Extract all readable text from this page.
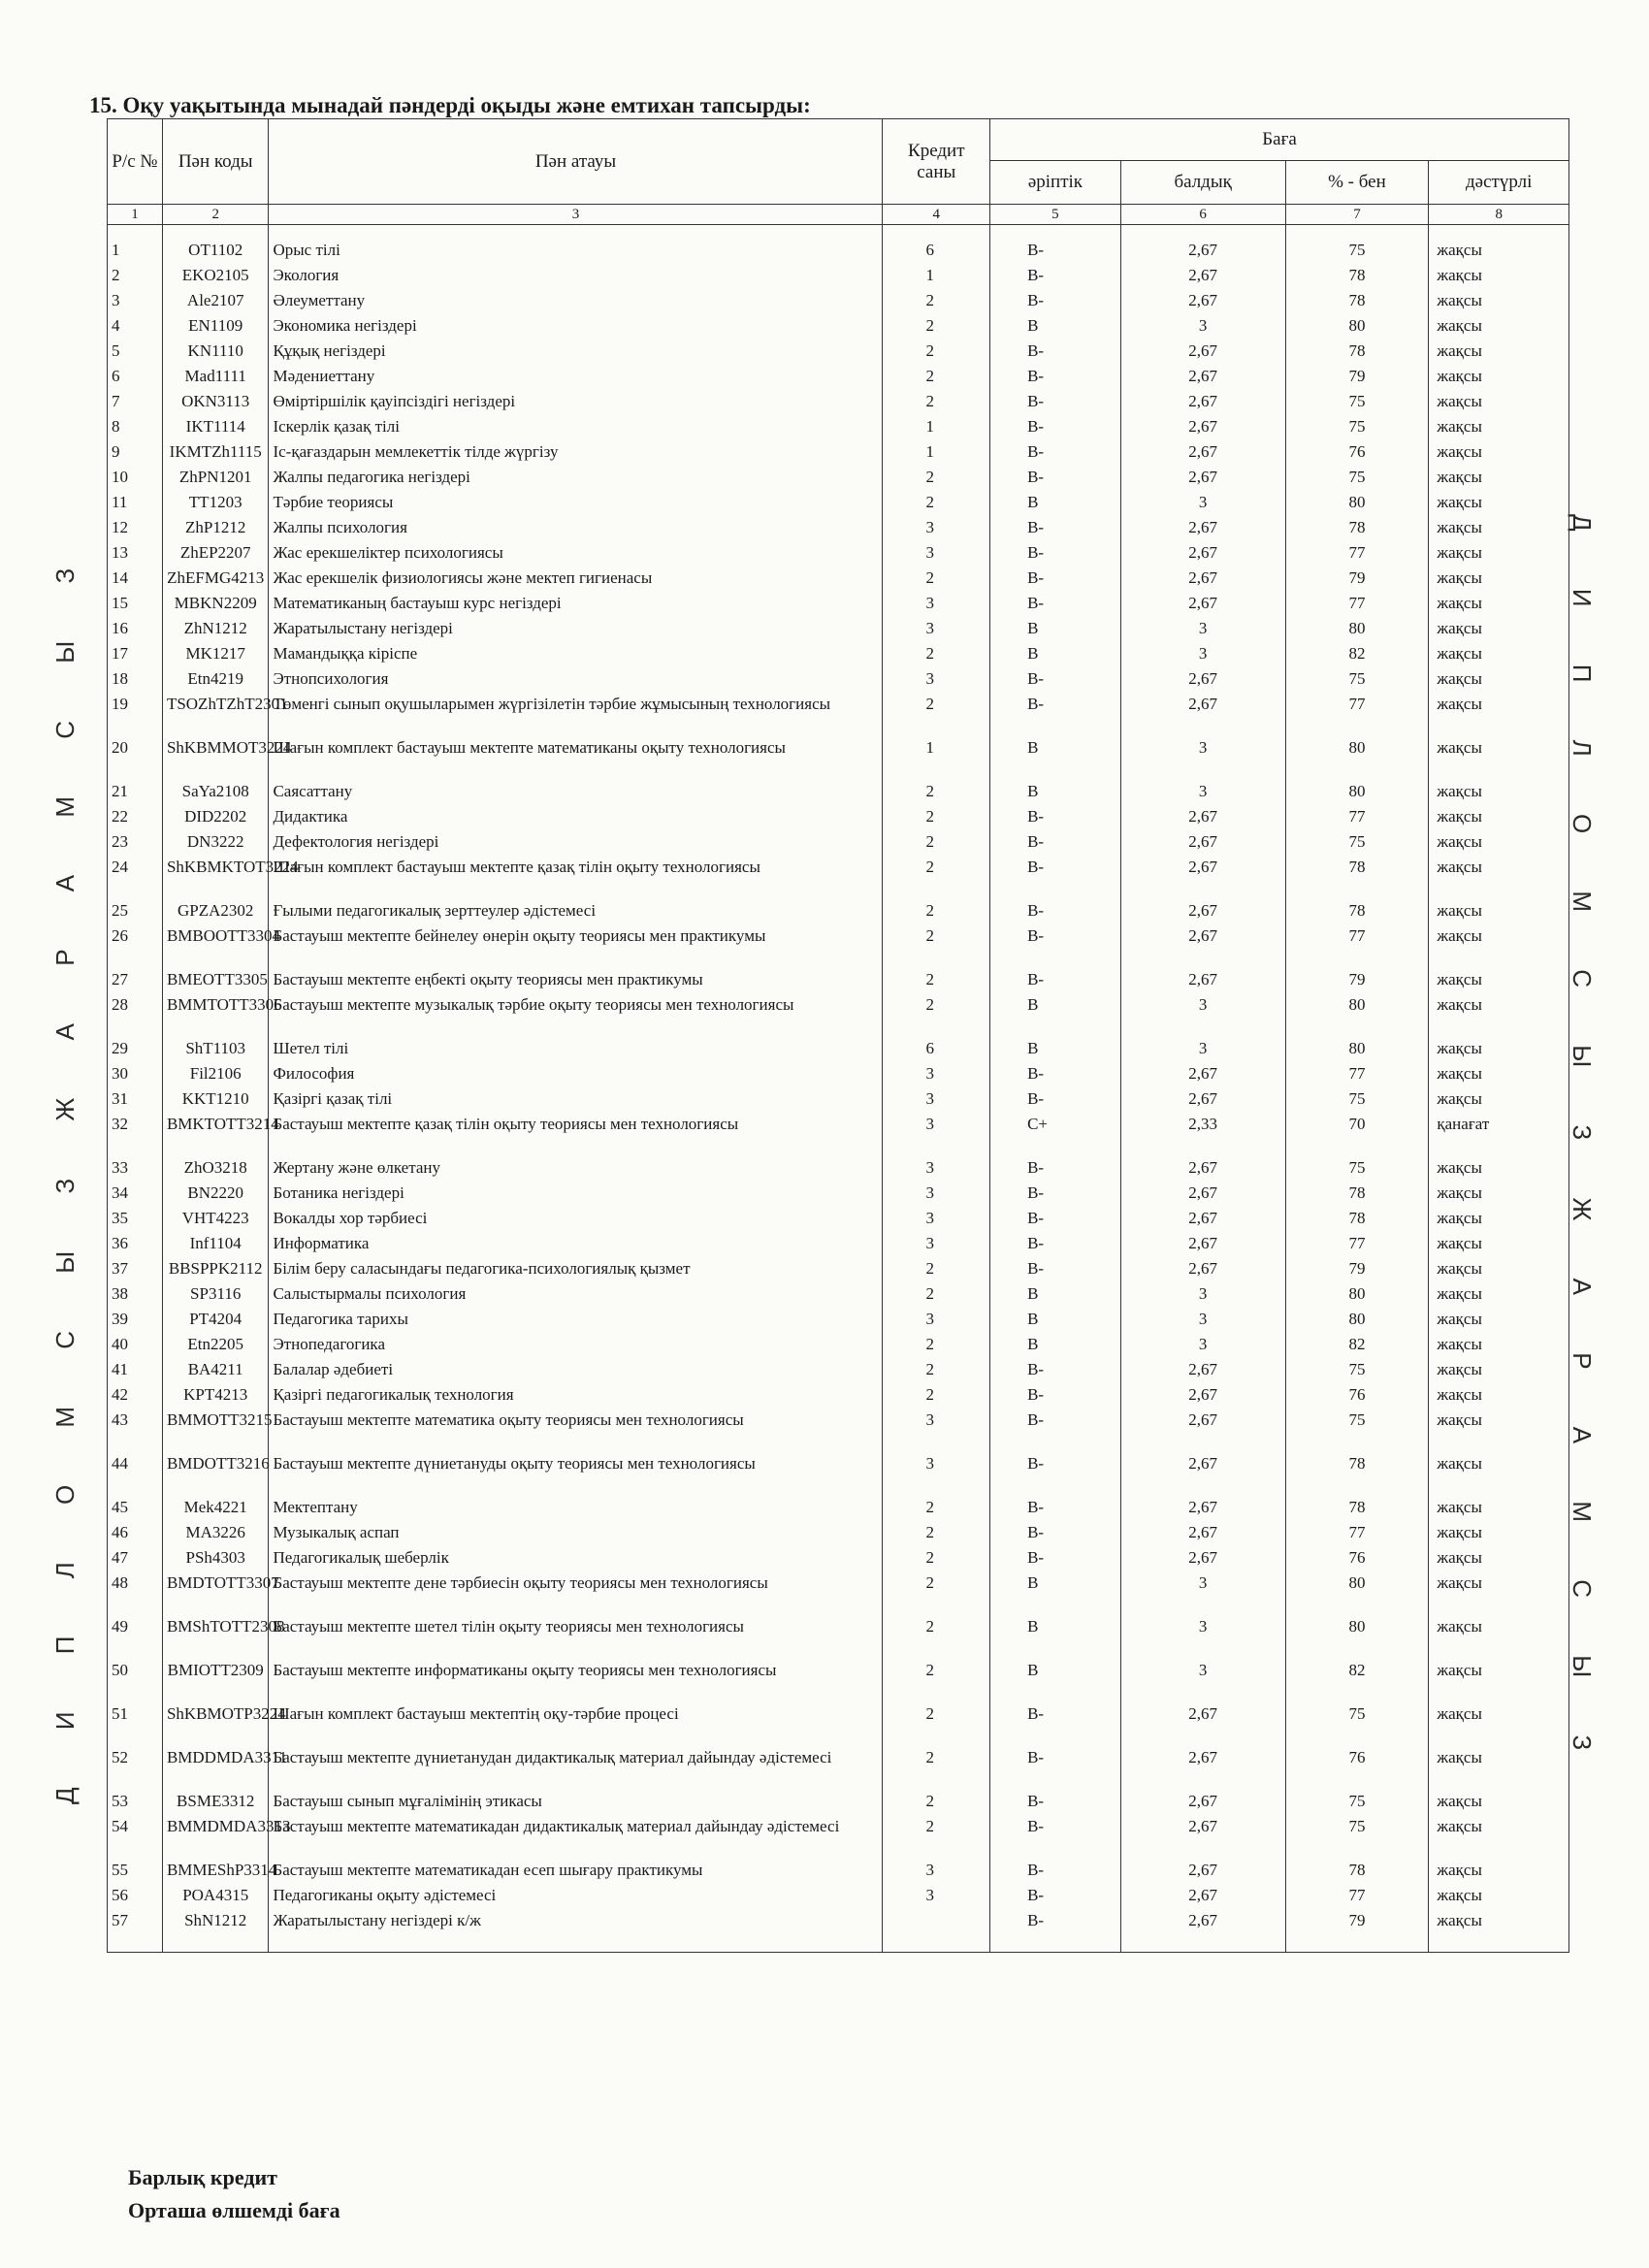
15. Оқу уақытында мынадай пәндерді оқыды және емтихан тапсырды:
Д И П Л О М С Ы З Ж А Р А М С Ы З	Д И П Л О М С Ы З Ж А Р А М С Ы З
Р/с №	Пән коды	Пән атауы	Кредит саны	Баға			
				әріптік	балдық	% - бен	дәстүрлі
1	2	3	4	5	6	7	8
1	OT1102	Орыс тілі	6	B-	2,67	75	жақсы
2	EKO2105	Экология	1	B-	2,67	78	жақсы
3	Ale2107	Әлеуметтану	2	B-	2,67	78	жақсы
4	EN1109	Экономика негіздері	2	B	3	80	жақсы
5	KN1110	Құқық негіздері	2	B-	2,67	78	жақсы
6	Mad1111	Мәдениеттану	2	B-	2,67	79	жақсы
7	OKN3113	Өміртіршілік қауіпсіздігі негіздері	2	B-	2,67	75	жақсы
8	IKT1114	Іскерлік қазақ тілі	1	B-	2,67	75	жақсы
9	IKMTZh1115	Іс-қағаздарын мемлекеттік тілде жүргізу	1	B-	2,67	76	жақсы
10	ZhPN1201	Жалпы педагогика негіздері	2	B-	2,67	75	жақсы
11	TT1203	Тәрбие теориясы	2	B	3	80	жақсы
12	ZhP1212	Жалпы психология	3	B-	2,67	78	жақсы
13	ZhEP2207	Жас ерекшеліктер психологиясы	3	B-	2,67	77	жақсы
14	ZhEFMG4213	Жас ерекшелік физиологиясы және мектеп гигиенасы	2	B-	2,67	79	жақсы
15	MBKN2209	Математиканың бастауыш курс негіздері	3	B-	2,67	77	жақсы
16	ZhN1212	Жаратылыстану негіздері	3	B	3	80	жақсы
17	MK1217	Мамандыққа кіріспе	2	B	3	82	жақсы
18	Etn4219	Этнопсихология	3	B-	2,67	75	жақсы
19	TSOZhTZhT2301	Төменгі сынып оқушыларымен жүргізілетін тәрбие жұмысының технологиясы	2	B-	2,67	77	жақсы
20	ShKBMMOT3224	Шағын комплект бастауыш мектепте математиканы оқыту технологиясы	1	B	3	80	жақсы
21	SaYa2108	Саясаттану	2	B	3	80	жақсы
22	DID2202	Дидактика	2	B-	2,67	77	жақсы
23	DN3222	Дефектология негіздері	2	B-	2,67	75	жақсы
24	ShKBMKTOT3224	Шағын комплект бастауыш мектепте қазақ тілін оқыту технологиясы	2	B-	2,67	78	жақсы
25	GPZA2302	Ғылыми педагогикалық зерттеулер әдістемесі	2	B-	2,67	78	жақсы
26	BMBOOTT3304	Бастауыш мектепте бейнелеу өнерін оқыту теориясы мен практикумы	2	B-	2,67	77	жақсы
27	BMEOTT3305	Бастауыш мектепте еңбекті оқыту теориясы мен практикумы	2	B-	2,67	79	жақсы
28	BMMTOTT3306	Бастауыш мектепте музыкалық тәрбие оқыту теориясы мен технологиясы	2	B	3	80	жақсы
29	ShT1103	Шетел тілі	6	B	3	80	жақсы
30	Fil2106	Философия	3	B-	2,67	77	жақсы
31	KKT1210	Қазіргі қазақ тілі	3	B-	2,67	75	жақсы
32	BMKTOTT3214	Бастауыш мектепте қазақ тілін оқыту теориясы мен технологиясы	3	C+	2,33	70	қанағат
33	ZhO3218	Жертану және өлкетану	3	B-	2,67	75	жақсы
34	BN2220	Ботаника негіздері	3	B-	2,67	78	жақсы
35	VHT4223	Вокалды хор тәрбиесі	3	B-	2,67	78	жақсы
36	Inf1104	Информатика	3	B-	2,67	77	жақсы
37	BBSPPK2112	Білім беру саласындағы педагогика-психологиялық қызмет	2	B-	2,67	79	жақсы
38	SP3116	Салыстырмалы психология	2	B	3	80	жақсы
39	PT4204	Педагогика тарихы	3	B	3	80	жақсы
40	Etn2205	Этнопедагогика	2	B	3	82	жақсы
41	BA4211	Балалар әдебиеті	2	B-	2,67	75	жақсы
42	KPT4213	Қазіргі педагогикалық технология	2	B-	2,67	76	жақсы
43	BMMOTT3215	Бастауыш мектепте математика оқыту теориясы мен технологиясы	3	B-	2,67	75	жақсы
44	BMDOTT3216	Бастауыш мектепте дүниетануды оқыту теориясы мен технологиясы	3	B-	2,67	78	жақсы
45	Mek4221	Мектептану	2	B-	2,67	78	жақсы
46	MA3226	Музыкалық аспап	2	B-	2,67	77	жақсы
47	PSh4303	Педагогикалық шеберлік	2	B-	2,67	76	жақсы
48	BMDTOTT3307	Бастауыш мектепте дене тәрбиесін оқыту теориясы мен технологиясы	2	B	3	80	жақсы
49	BMShTOTT2308	Бастауыш мектепте шетел тілін оқыту теориясы мен технологиясы	2	B	3	80	жақсы
50	BMIOTT2309	Бастауыш мектепте информатиканы оқыту теориясы мен технологиясы	2	B	3	82	жақсы
51	ShKBMOTP3224	Шағын комплект бастауыш мектептің оқу-тәрбие процесі	2	B-	2,67	75	жақсы
52	BMDDMDA3311	Бастауыш мектепте дүниетанудан дидактикалық материал дайындау әдістемесі	2	B-	2,67	76	жақсы
53	BSME3312	Бастауыш сынып мұғалімінің этикасы	2	B-	2,67	75	жақсы
54	BMMDMDA3313	Бастауыш мектепте математикадан дидактикалық материал дайындау әдістемесі	2	B-	2,67	75	жақсы
55	BMMEShP3314	Бастауыш мектепте математикадан есеп шығару практикумы	3	B-	2,67	78	жақсы
56	POA4315	Педагогиканы оқыту әдістемесі	3	B-	2,67	77	жақсы
57	ShN1212	Жаратылыстану негіздері к/ж		B-	2,67	79	жақсы
Барлық кредит
Орташа өлшемді баға
